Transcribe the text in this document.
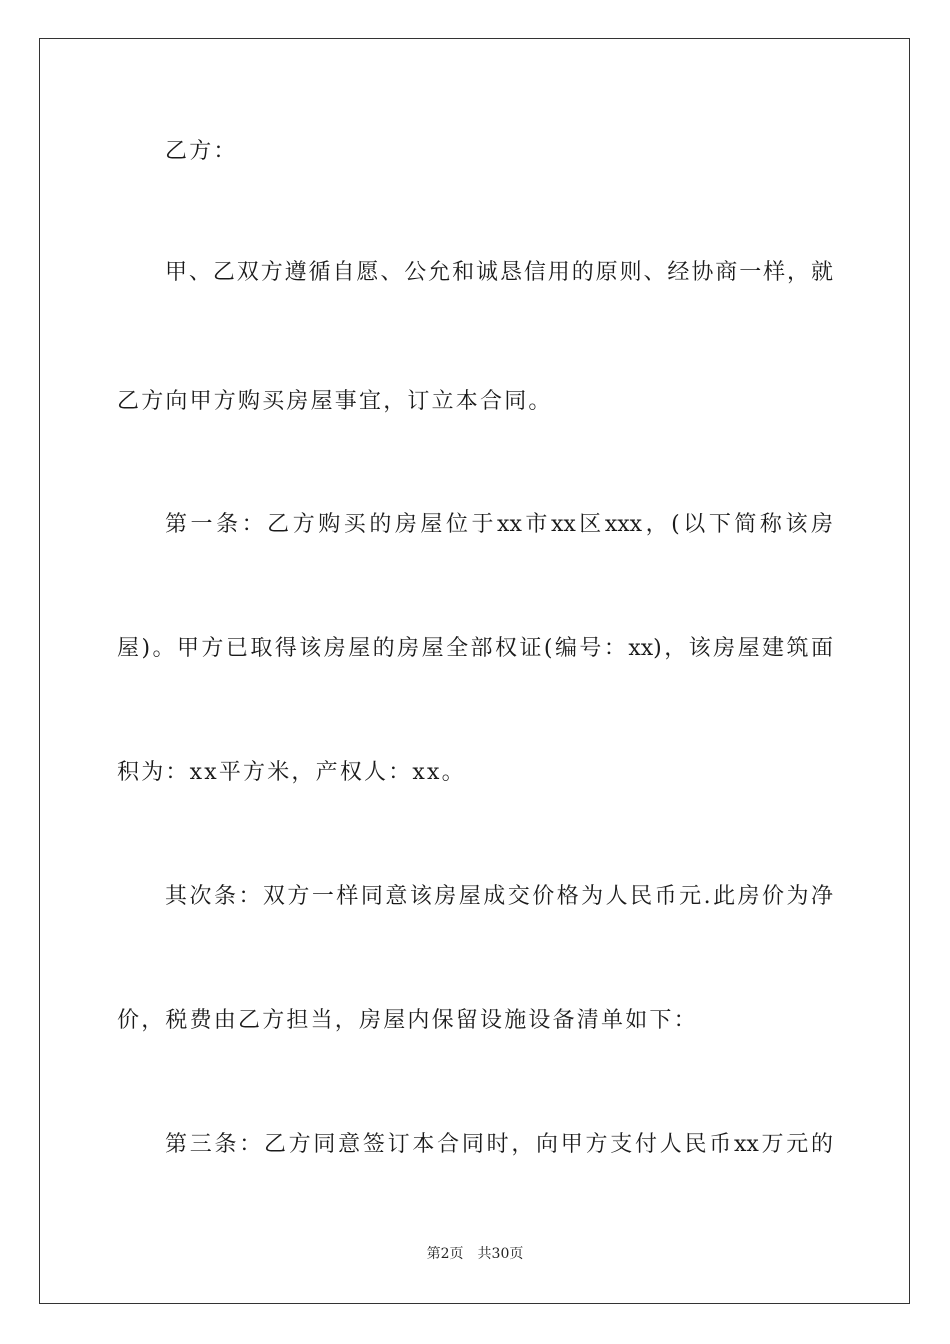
乙方：
甲、乙双方遵循自愿、公允和诚恳信用的原则、经协商一样，就
乙方向甲方购买房屋事宜，订立本合同。
第一条：乙方购买的房屋位于xx市xx区xxx，(以下简称该房
屋)。甲方已取得该房屋的房屋全部权证(编号：xx)，该房屋建筑面
积为：xx平方米，产权人：xx。
其次条：双方一样同意该房屋成交价格为人民币元.此房价为净
价，税费由乙方担当，房屋内保留设施设备清单如下：
第三条：乙方同意签订本合同时，向甲方支付人民币xx万元的
第2页 共30页
